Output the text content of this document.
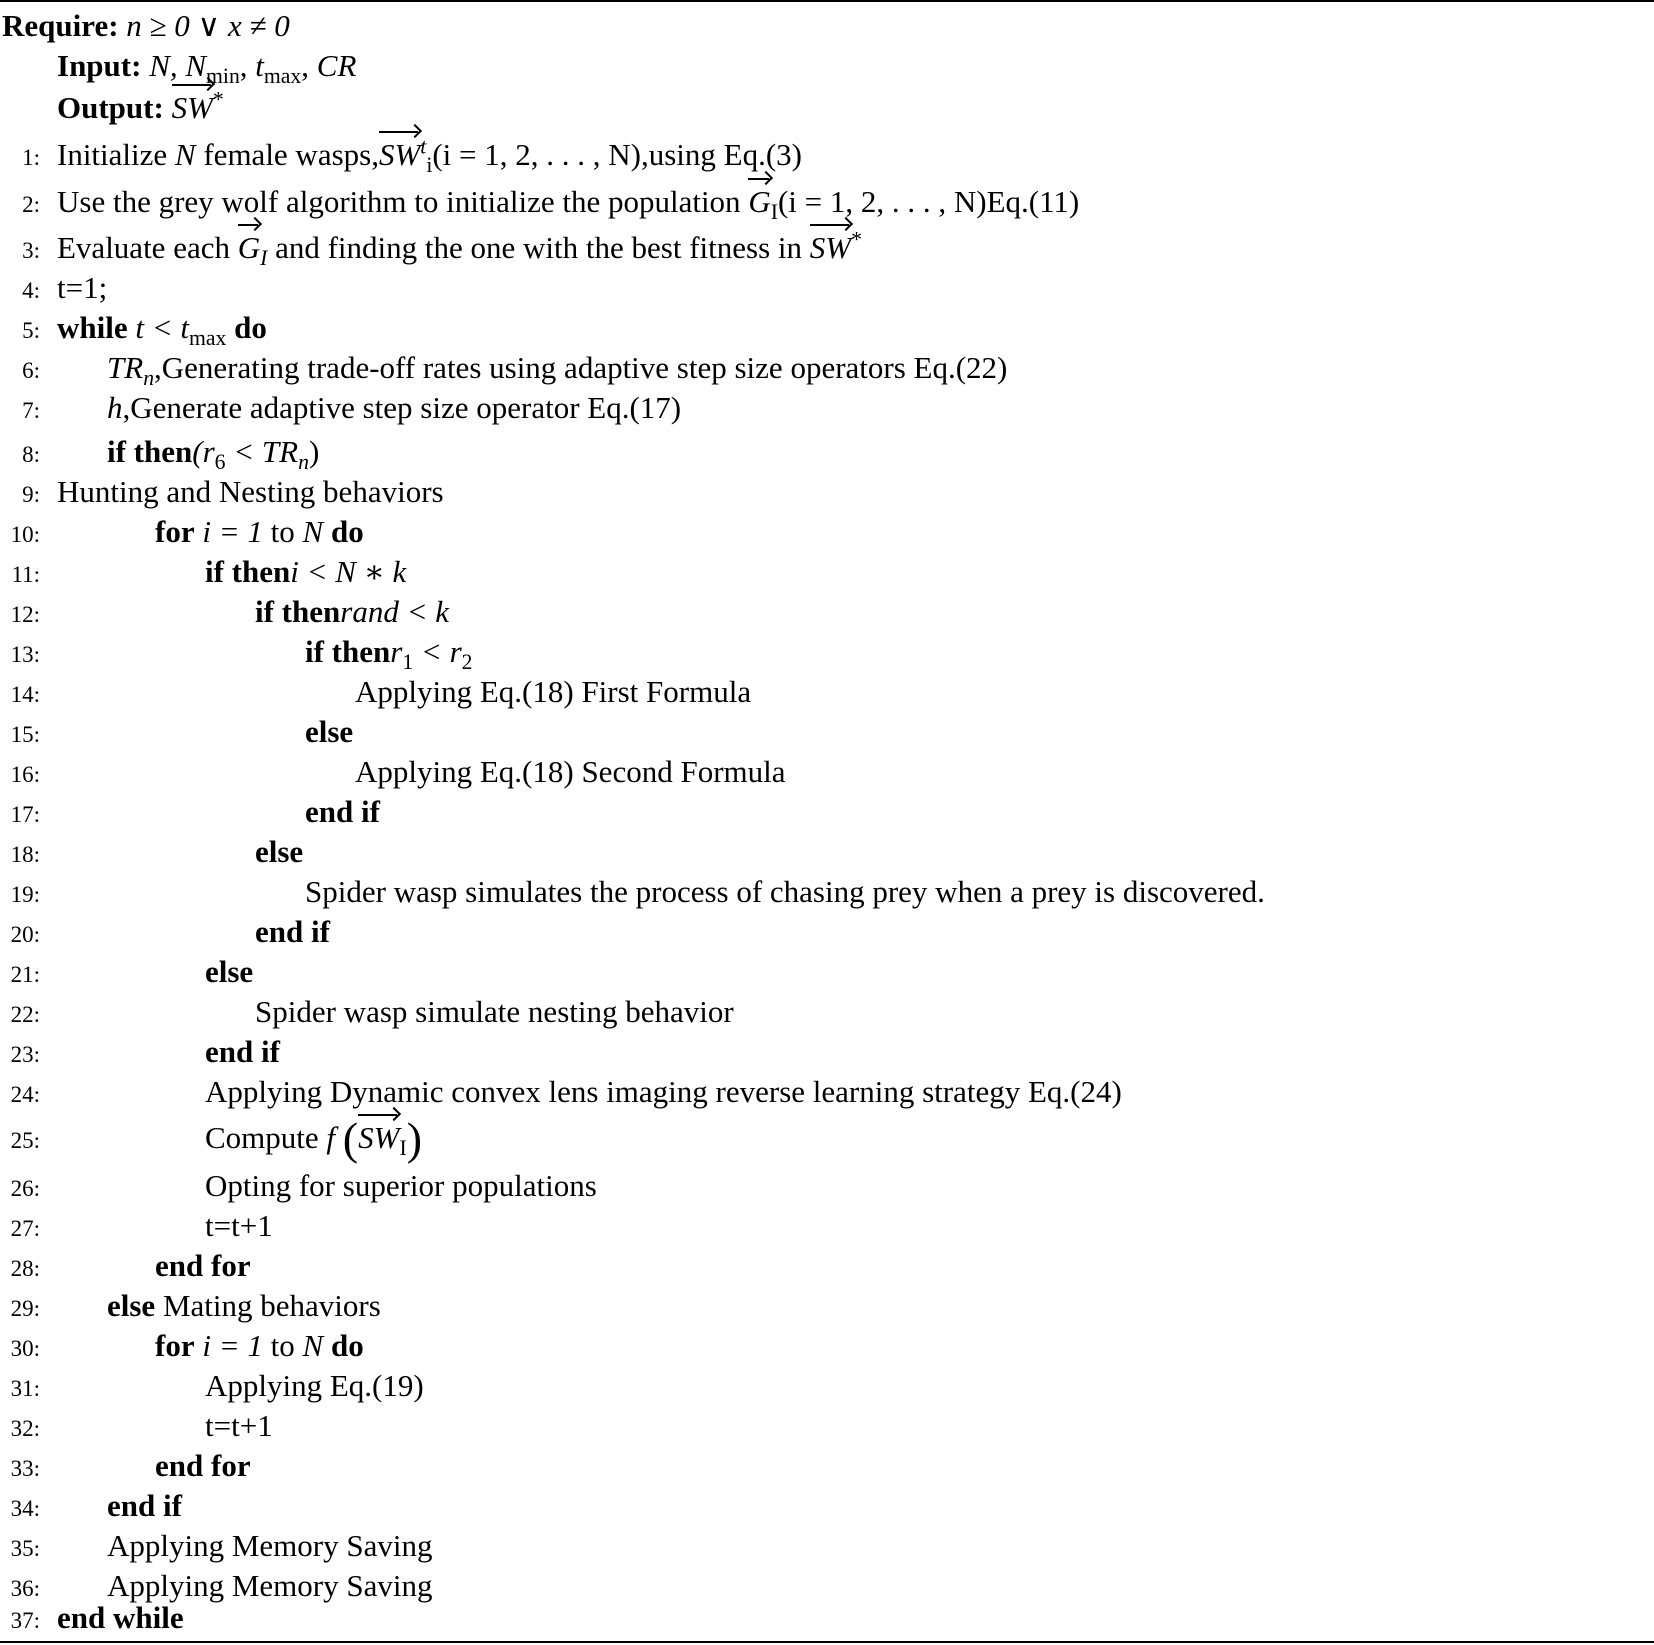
Require: n ≥ 0 ∨ x ≠ 0
Input: N, $N_{min}$, $t_{max}$, CR
Output: SW*
1: Initialize N female $wasps,SW^t_i(i = 1$, 2, . . . , N),using Eq.(3)
2: Use the grey wolf algorithm to initialize the population $G_I(i = 1$, 2, . . . , N)Eq.(11)
3: Evaluate each $G_I$ and finding the one with the best fitness in SW*
4: t=1;
5: while $t < t_{max}$ do
6: $TR_n,Generating$ trade-off rates using adaptive step size operators Eq.(22)
7: h,Generate adaptive step size operator Eq.(17)
8: if $then(r_6 < TR_n)$
9: Hunting and Nesting behaviors
10:	for i = 1 to N do
11:	if theni < N ∗ k
12:	if thenrand < k
13:	if thenr$_1$ < $r_2$
14:	Applying Eq.(18) First Formula
15:	else
16:	Applying Eq.(18) Second Formula
17:	end if
18:	else
19:	Spider wasp simulates the process of chasing prey when a prey is discovered.
20:	end if
21:	else
22:	Spider wasp simulate nesting behavior
23:	end if
24:	Applying Dynamic convex lens imaging reverse learning strategy Eq.(24)
25:	Compute f $(SW_I)$
26:	Opting for superior populations
27:	t=t+1
28:	end for
29: else Mating behaviors
30:	for i = 1 to N do
31:	Applying Eq.(19)
32:	t=t+1
33:	end for
34: end if
35: Applying Memory Saving
36: Applying Memory Saving
37: end while
